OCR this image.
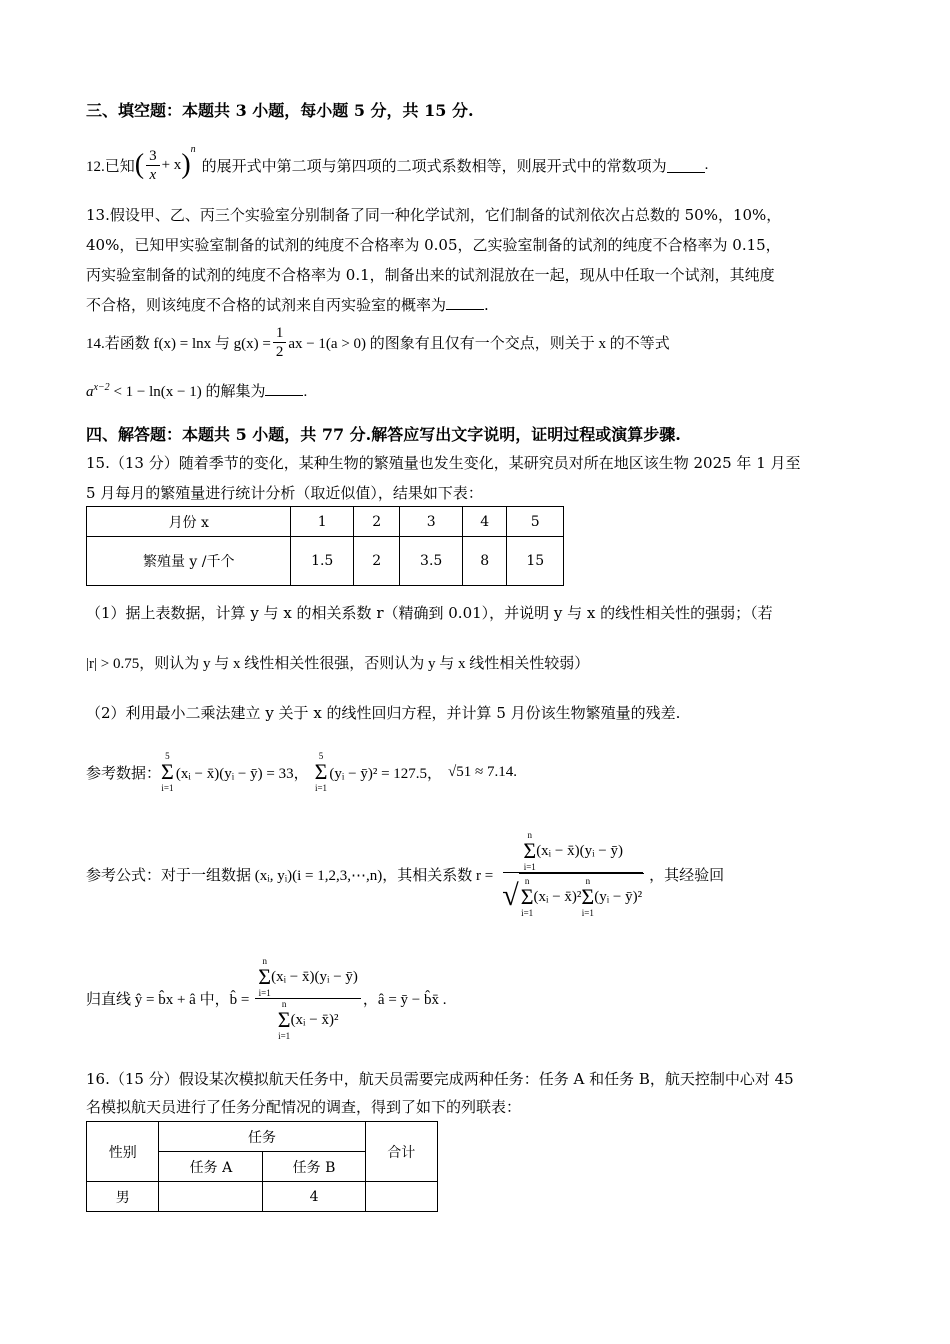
三、填空题：本题共 3 小题，每小题 5 分，共 15 分.
12.已知 ( $\frac{3}{x} + x$ )$^n$
的展开式中第二项与第四项的二项式系数相等，则展开式中的常数项为	.
13.假设甲、乙、丙三个实验室分别制备了同一种化学试剂，它们制备的试剂依次占总数的 50%，10%，
40%，已知甲实验室制备的试剂的纯度不合格率为 0.05，乙实验室制备的试剂的纯度不合格率为 0.15，
丙实验室制备的试剂的纯度不合格率为 0.1，制备出来的试剂混放在一起，现从中任取一个试剂，其纯度
不合格，则该纯度不合格的试剂来自丙实验室的概率为	.
14.若函数 f(x) = lnx 与 $g(x) = \frac{1}{2}$ ax − 1(a > 0) 的图象有且仅有一个交点，则关于 x 的不等式
$a^{x-2} < 1 - \ln(x - 1)$ 的解集为	.
四、解答题：本题共 5 小题，共 77 分.解答应写出文字说明，证明过程或演算步骤.
15.（13 分）随着季节的变化，某种生物的繁殖量也发生变化，某研究员对所在地区该生物 2025 年 1 月至
5 月每月的繁殖量进行统计分析（取近似值），结果如下表：
月份 x	1	2	3	4	5
繁殖量 y /千个	1.5	2	3.5	8	15
（1）据上表数据，计算 y 与 x 的相关系数 r（精确到 0.01），并说明 y 与 x 的线性相关性的强弱；（若
|r| > 0.75，则认为 y 与 x 线性相关性很强，否则认为 y 与 x 线性相关性较弱）
（2）利用最小二乘法建立 y 关于 x 的线性回归方程，并计算 5 月份该生物繁殖量的残差.
参考数据：
5
Σ
i=1
(xᵢ − x̄)(yᵢ − ȳ) = 33，
5
Σ
i=1
(yᵢ − ȳ)² = 127.5， √51 ≈ 7.14.
参考公式：对于一组数据 (xᵢ, yᵢ)(i = 1,2,3,⋯,n)，其相关系数 r =
n
Σ
i=1
(xᵢ − x̄)(yᵢ − ȳ)
√ n
Σ
i=1
(xᵢ − x̄)²
n
Σ
i=1
(yᵢ − ȳ)²
，其经验回
归直线 ŷ = b̂x + â 中，b̂ = n
Σ
i=1
(xᵢ − x̄)(yᵢ − ȳ)
n
Σ
i=1
(xᵢ − x̄)² ，â = ȳ − b̂x̄ .
16.（15 分）假设某次模拟航天任务中，航天员需要完成两种任务：任务 A 和任务 B，航天控制中心对 45
名模拟航天员进行了任务分配情况的调查，得到了如下的列联表：
性别	任务		合计
	任务 A	任务 B	
男		4	
